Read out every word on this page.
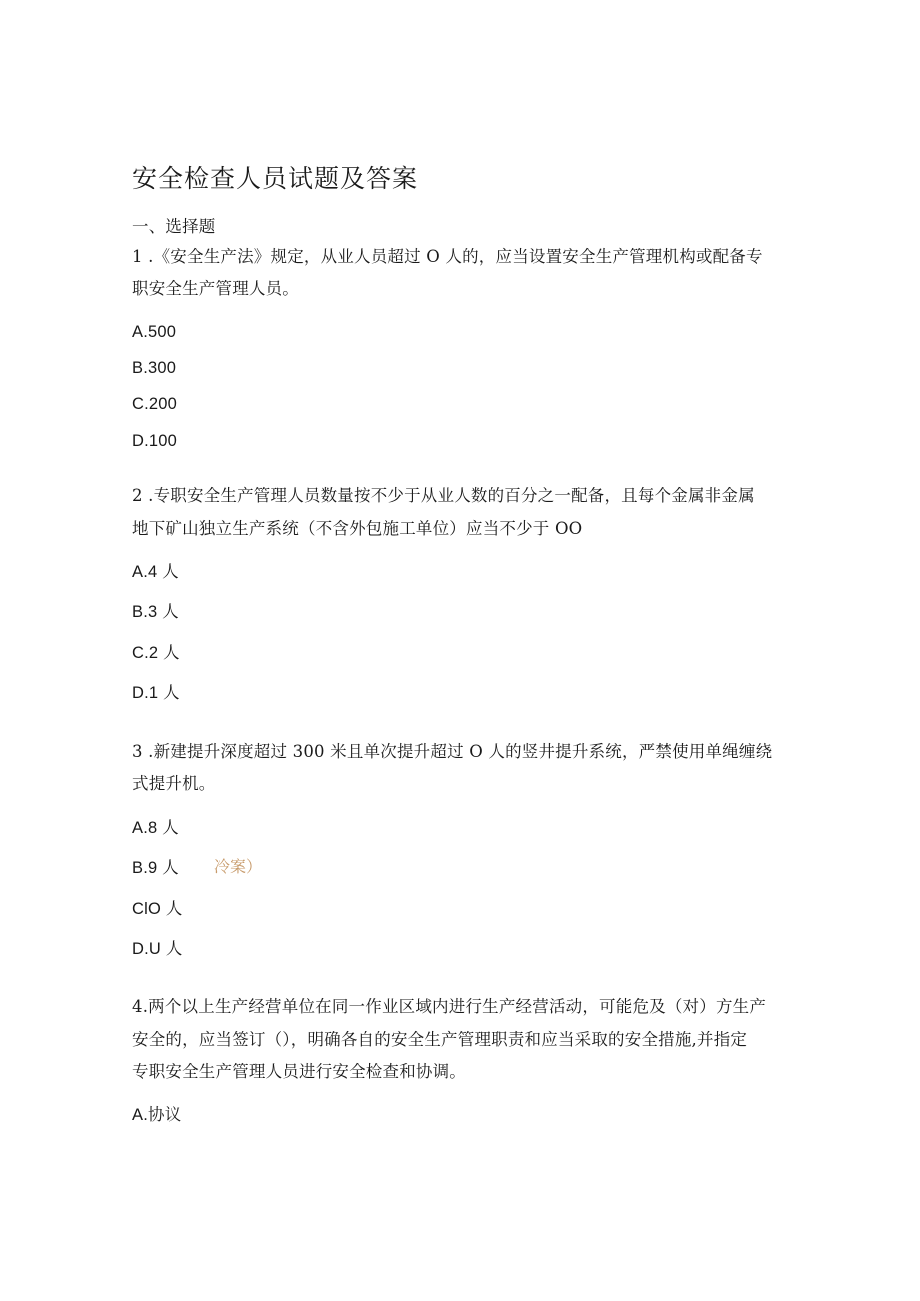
安全检查人员试题及答案
一、选择题
1 .《安全生产法》规定，从业人员超过 O 人的，应当设置安全生产管理机构或配备专
职安全生产管理人员。
A.500
B.300
C.200
D.100
2 .专职安全生产管理人员数量按不少于从业人数的百分之一配备，且每个金属非金属
地下矿山独立生产系统（不含外包施工单位）应当不少于 OO
A.4 人
B.3 人
C.2 人
D.1 人
3 .新建提升深度超过 300 米且单次提升超过 O 人的竖井提升系统，严禁使用单绳缠绕
式提升机。
A.8 人
B.9 人 冷案）
ClO 人
D.U 人
4.两个以上生产经营单位在同一作业区域内进行生产经营活动，可能危及（对）方生产
安全的，应当签订（），明确各自的安全生产管理职责和应当采取的安全措施,并指定
专职安全生产管理人员进行安全检查和协调。
A.协议
